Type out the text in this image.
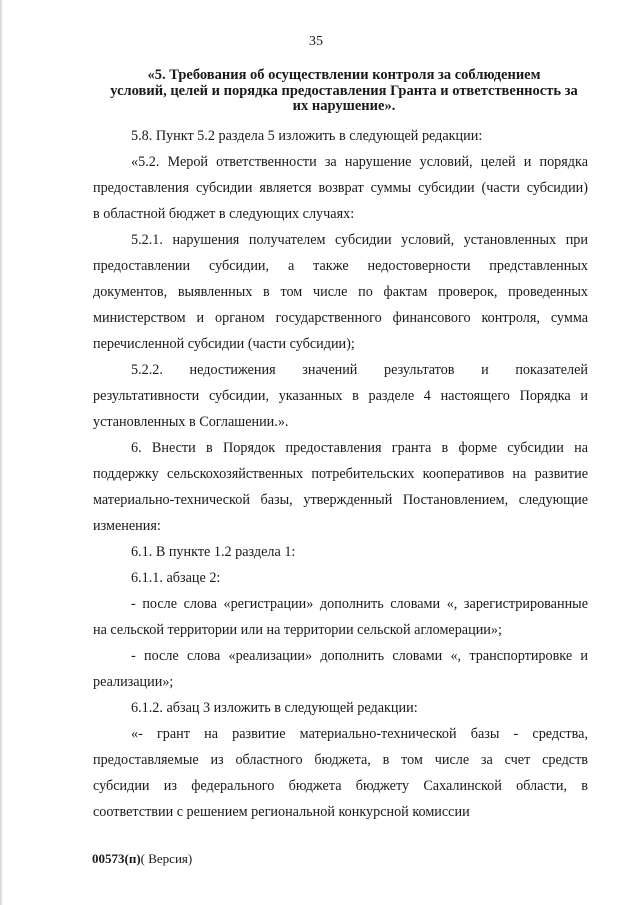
35
«5. Требования об осуществлении контроля за соблюдением
условий, целей и порядка предоставления Гранта и ответственность за
их нарушение».
5.8. Пункт 5.2 раздела 5 изложить в следующей редакции:
«5.2. Мерой ответственности за нарушение условий, целей и порядка
предоставления субсидии является возврат суммы субсидии (части субсидии)
в областной бюджет в следующих случаях:
5.2.1. нарушения получателем субсидии условий, установленных при
предоставлении субсидии, а также недостоверности представленных
документов, выявленных в том числе по фактам проверок, проведенных
министерством и органом государственного финансового контроля, сумма
перечисленной субсидии (части субсидии);
5.2.2. недостижения значений результатов и показателей
результативности субсидии, указанных в разделе 4 настоящего Порядка и
установленных в Соглашении.».
6. Внести в Порядок предоставления гранта в форме субсидии на
поддержку сельскохозяйственных потребительских кооперативов на развитие
материально-технической базы, утвержденный Постановлением, следующие
изменения:
6.1. В пункте 1.2 раздела 1:
6.1.1. абзаце 2:
- после слова «регистрации» дополнить словами «, зарегистрированные
на сельской территории или на территории сельской агломерации»;
- после слова «реализации» дополнить словами «, транспортировке и
реализации»;
6.1.2. абзац 3 изложить в следующей редакции:
«- грант на развитие материально-технической базы - средства,
предоставляемые из областного бюджета, в том числе за счет средств
субсидии из федерального бюджета бюджету Сахалинской области, в
соответствии с решением региональной конкурсной комиссии
00573(п)( Версия)
